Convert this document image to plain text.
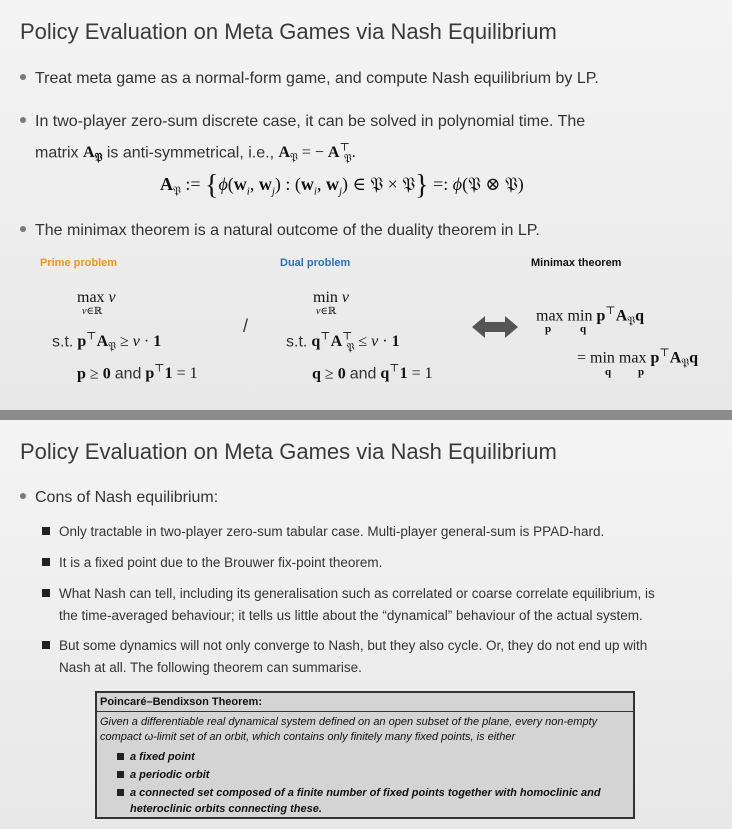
Policy Evaluation on Meta Games via Nash Equilibrium
Treat meta game as a normal-form game, and compute Nash equilibrium by LP.
In two-player zero-sum discrete case, it can be solved in polynomial time. The
matrix $A_𝔓$ is anti-symmetrical, i.e., $A_𝔓$ = − $A^⊤_𝔓$.
$A_𝔓$ := {$\phi(w_i$, $w_j$) : ($w_i$, $w_j$) ∈ 𝔓 × 𝔓} =: ϕ(𝔓 ⊗ 𝔓)
The minimax theorem is a natural outcome of the duality theorem in LP.
Prime problem	Dual problem	Minimax theorem
max v
v∈ℝ
s.t. $p^⊤A_𝔓 \ge v \cdot 1$
p ≥ 0 and p⊤1 = 1
/
min v
v∈ℝ
s.t. $q^⊤A^⊤_𝔓 \le v \cdot 1$
q ≥ 0 and q⊤1 = 1
$\max \min p^⊤A_𝔓q$
p	q
= $\min \max p^⊤A_𝔓q$
q p
Policy Evaluation on Meta Games via Nash Equilibrium
Cons of Nash equilibrium:
Only tractable in two-player zero-sum tabular case. Multi-player general-sum is PPAD-hard.
It is a fixed point due to the Brouwer fix-point theorem.
What Nash can tell, including its generalisation such as correlated or coarse correlate equilibrium, is
the time-averaged behaviour; it tells us little about the “dynamical” behaviour of the actual system.
But some dynamics will not only converge to Nash, but they also cycle. Or, they do not end up with
Nash at all. The following theorem can summarise.
Poincaré–Bendixson Theorem:
Given a differentiable real dynamical system defined on an open subset of the plane, every non-empty
compact ω-limit set of an orbit, which contains only finitely many fixed points, is either
a fixed point
a periodic orbit
a connected set composed of a finite number of fixed points together with homoclinic and
heteroclinic orbits connecting these.
